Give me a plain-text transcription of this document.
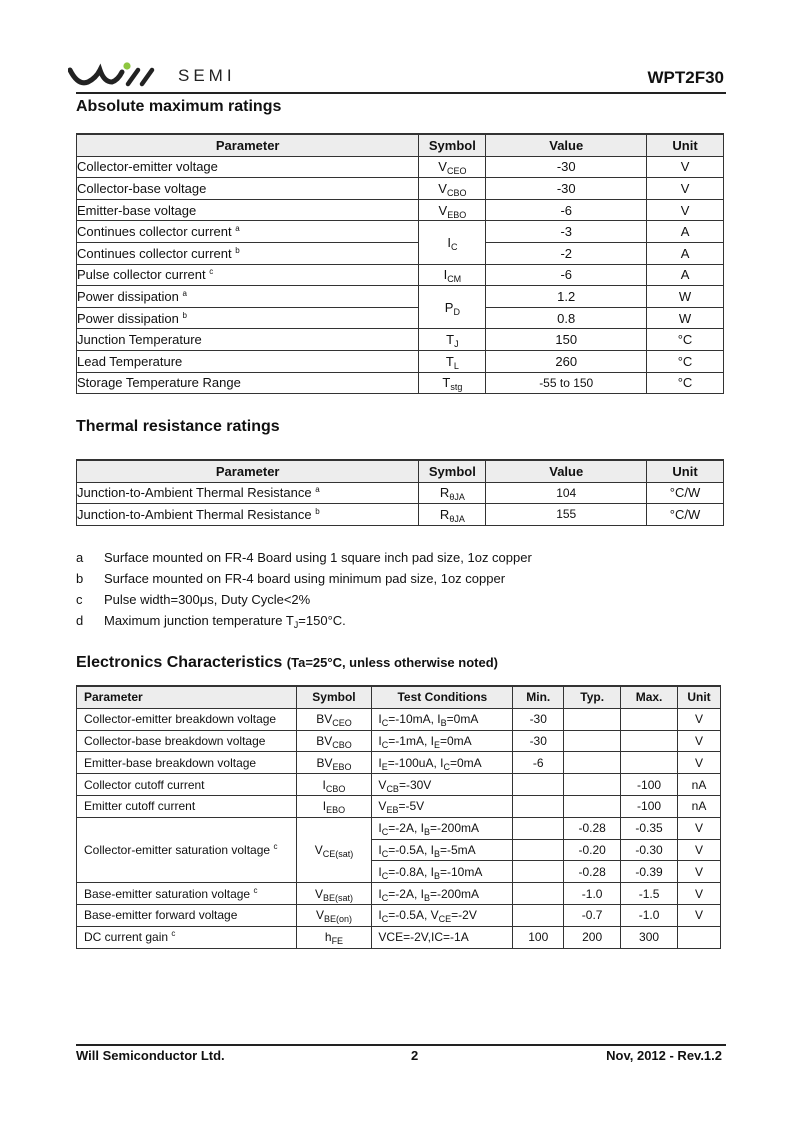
SEMI	WPT2F30
Absolute maximum ratings
Parameter	Symbol	Value	Unit
Collector-emitter voltage	$V_{CEO}$	-30	V
Collector-base voltage	$V_{CBO}$	-30	V
Emitter-base voltage	$V_{EBO}$	-6	V
Continues collector current $^a$	$I_C$	-3	A
Continues collector current $^b$		-2	A
Pulse collector current $^c$	$I_{CM}$	-6	A
Power dissipation $^a$	$P_D$	1.2	W
Power dissipation $^b$		0.8	W
Junction Temperature	$T_J$	150	°C
Lead Temperature	$T_L$	260	°C
Storage Temperature Range	$T_{stg}$	-55 to 150	°C
Thermal resistance ratings
Parameter	Symbol	Value	Unit
Junction-to-Ambient Thermal Resistance $^a$	$R_{\theta JA}$	104	°C/W
Junction-to-Ambient Thermal Resistance $^b$	$R_{\theta JA}$	155	°C/W
a Surface mounted on FR-4 Board using 1 square inch pad size, 1oz copper
b Surface mounted on FR-4 board using minimum pad size, 1oz copper
c Pulse width=300μs, Duty Cycle<2%
d Maximum junction temperature $T_J=150^\circ C$.
Electronics Characteristics (Ta=25°C, unless otherwise noted)
Parameter	Symbol	Test Conditions	Min.	Typ.	Max.	Unit
Collector-emitter breakdown voltage	$BV_{CEO}$	$I_C=-10mA$, $I_B=0mA$	-30			V
Collector-base breakdown voltage	$BV_{CBO}$	$I_C=-1mA$, $I_E=0mA$	-30			V
Emitter-base breakdown voltage	$BV_{EBO}$	$I_E=-100uA$, $I_C=0mA$	-6			V
Collector cutoff current	$I_{CBO}$	$V_{CB}=-30V$			-100	nA
Emitter cutoff current	$I_{EBO}$	$V_{EB}=-5V$			-100	nA
Collector-emitter saturation voltage $^c$	$V_{CE(sat)}$	$I_C=-2A$, $I_B=-200mA$		-0.28	-0.35	V
		$I_C=-0.5A$, $I_B=-5mA$		-0.20	-0.30	V
		$I_C=-0.8A$, $I_B=-10mA$		-0.28	-0.39	V
Base-emitter saturation voltage $^c$	$V_{BE(sat)}$	$I_C=-2A$, $I_B=-200mA$		-1.0	-1.5	V
Base-emitter forward voltage	$V_{BE(on)}$	$I_C=-0.5A$, $V_{CE}=-2V$		-0.7	-1.0	V
DC current gain $^c$	$h_{FE}$	VCE=-2V,IC=-1A	100	200	300	
Will Semiconductor Ltd.	2	Nov, 2012 - Rev.1.2
